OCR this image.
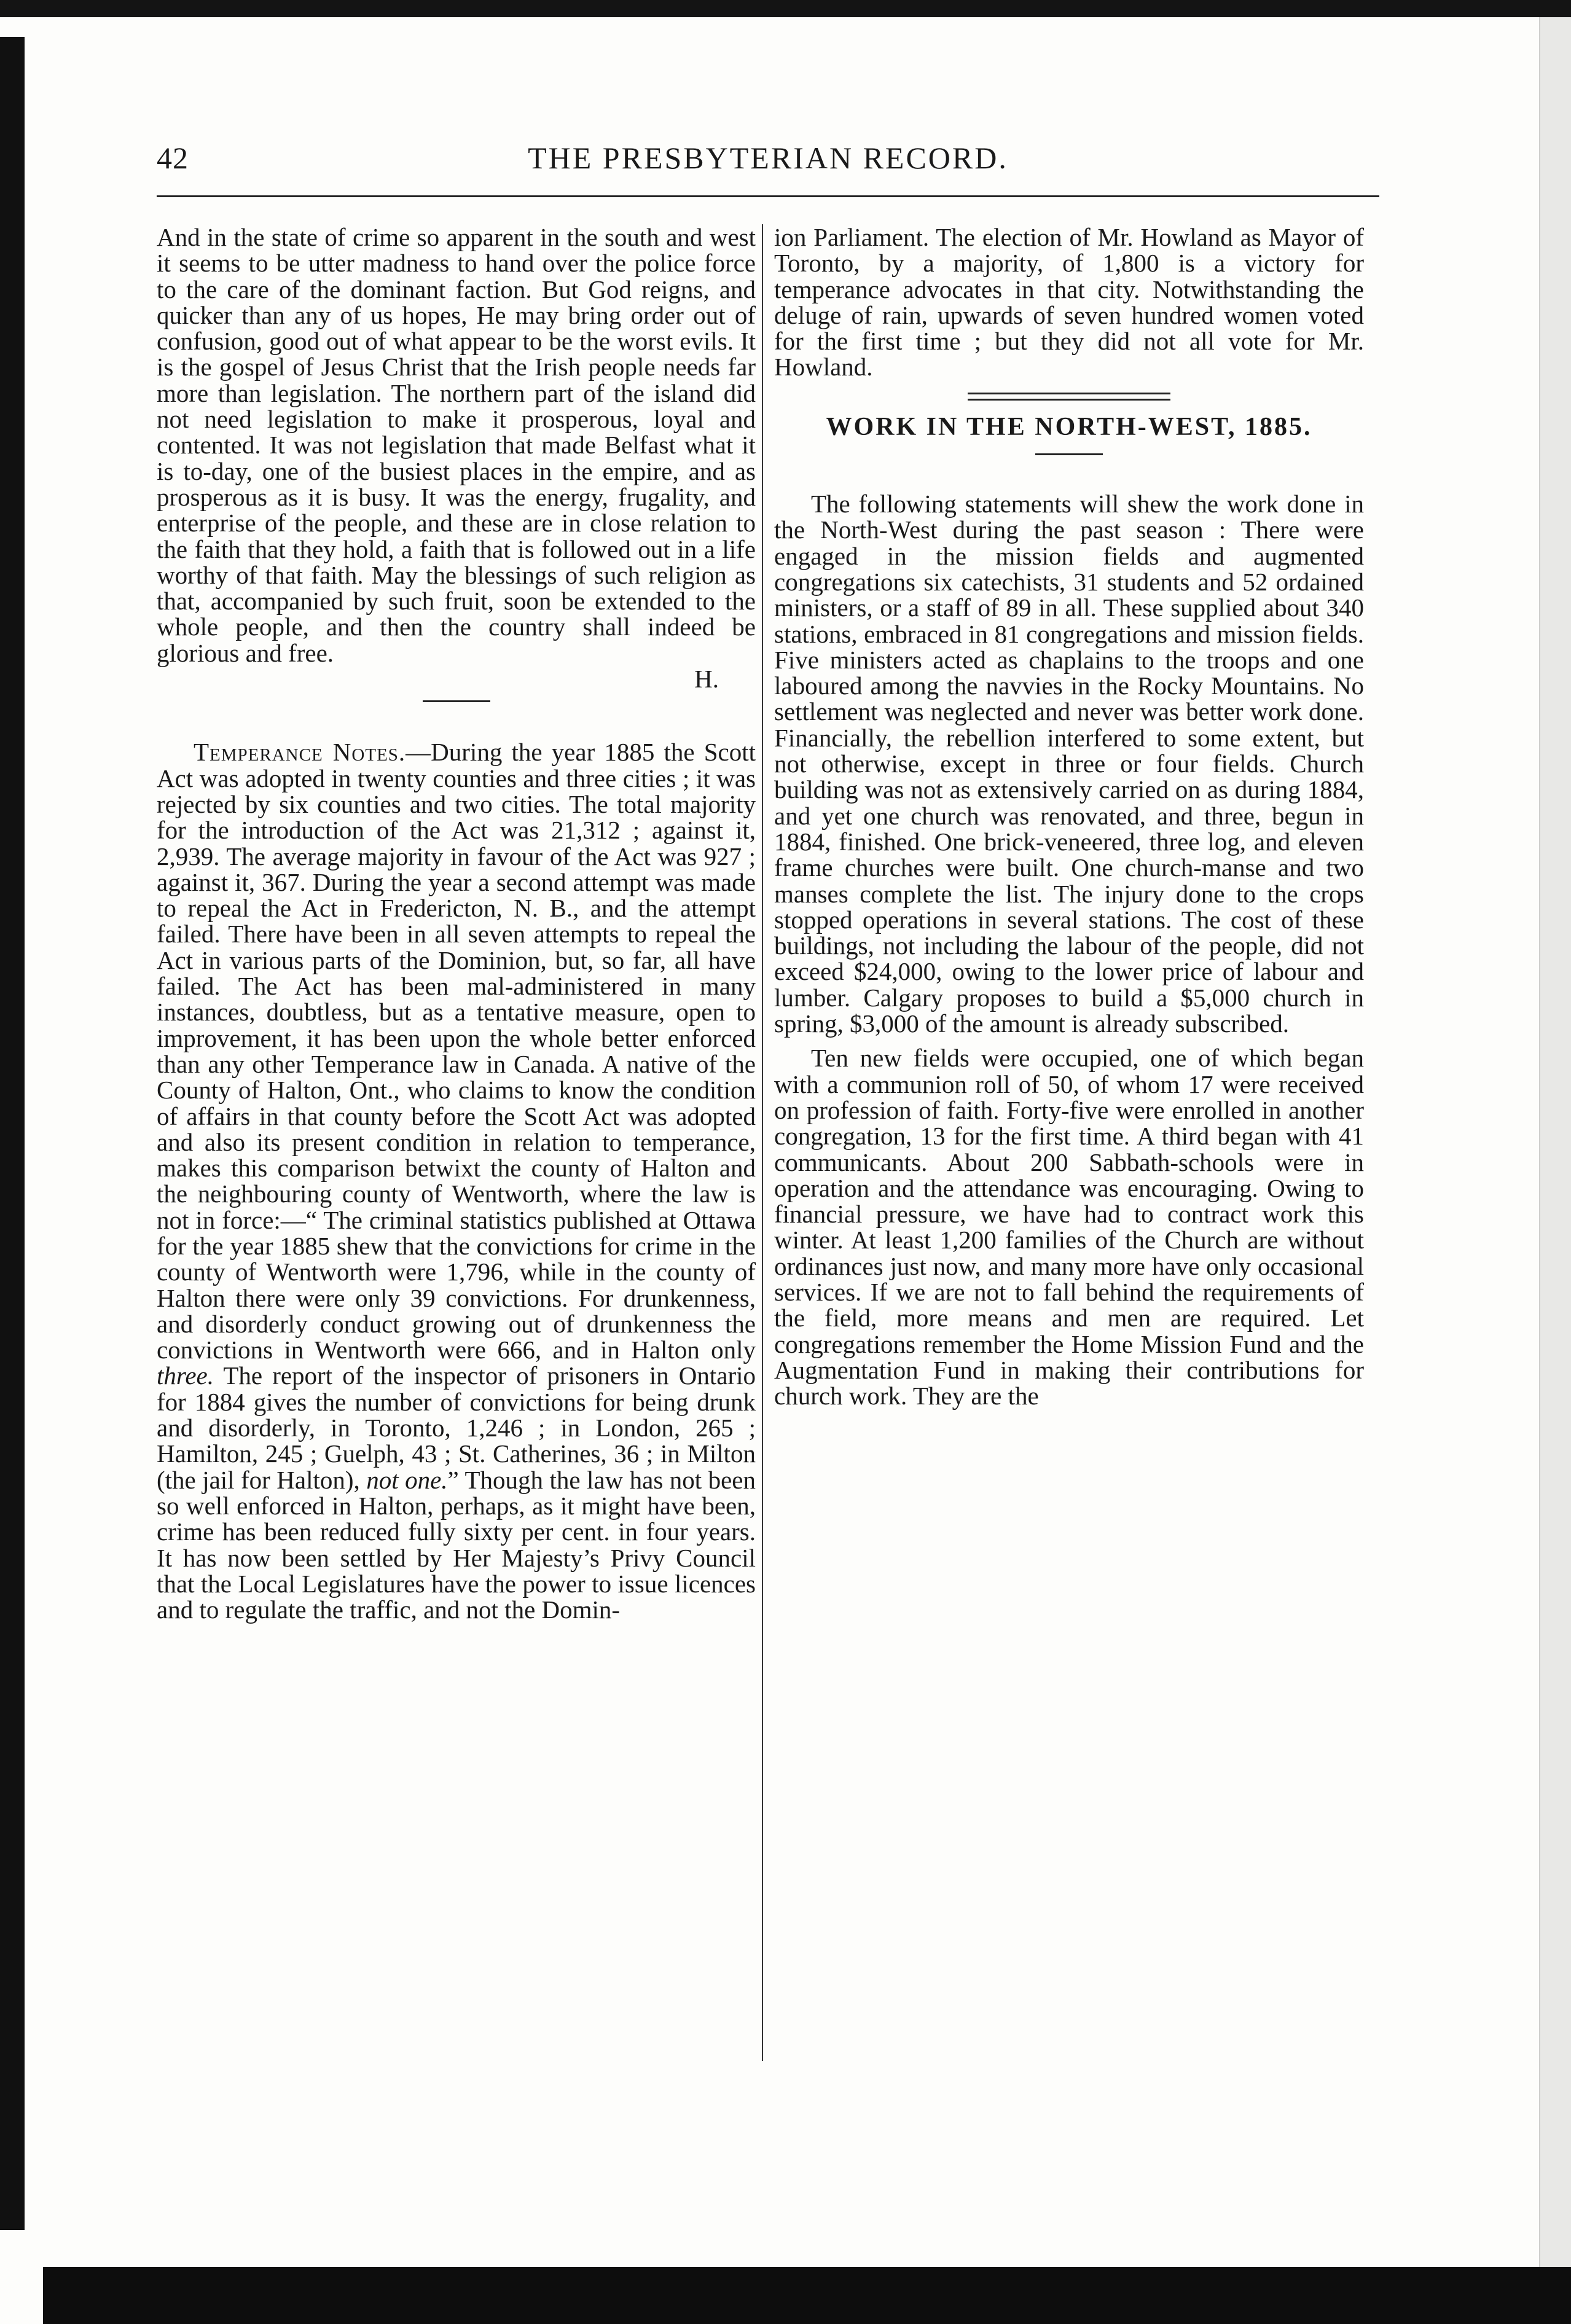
42	THE PRESBYTERIAN RECORD.

And in the state of crime so apparent in the south and west it seems to be utter madness to hand over the police force to the care of the dominant faction. But God reigns, and quicker than any of us hopes, He may bring order out of confusion, good out of what appear to be the worst evils. It is the gospel of Jesus Christ that the Irish people needs far more than legislation. The northern part of the island did not need legislation to make it prosperous, loyal and contented. It was not legislation that made Belfast what it is to-day, one of the busiest places in the empire, and as prosperous as it is busy. It was the energy, frugality, and enterprise of the people, and these are in close relation to the faith that they hold, a faith that is followed out in a life worthy of that faith. May the blessings of such religion as that, accompanied by such fruit, soon be extended to the whole people, and then the country shall indeed be glorious and free.

H.

Temperance Notes.—During the year 1885 the Scott Act was adopted in twenty counties and three cities ; it was rejected by six counties and two cities. The total majority for the introduction of the Act was 21,312 ; against it, 2,939. The average majority in favour of the Act was 927 ; against it, 367. During the year a second attempt was made to repeal the Act in Fredericton, N. B., and the attempt failed. There have been in all seven attempts to repeal the Act in various parts of the Dominion, but, so far, all have failed. The Act has been mal-administered in many instances, doubtless, but as a tentative measure, open to improvement, it has been upon the whole better enforced than any other Temperance law in Canada. A native of the County of Halton, Ont., who claims to know the condition of affairs in that county before the Scott Act was adopted and also its present condition in relation to temperance, makes this comparison betwixt the county of Halton and the neighbouring county of Wentworth, where the law is not in force:—“ The criminal statistics published at Ottawa for the year 1885 shew that the convictions for crime in the county of Wentworth were 1,796, while in the county of Halton there were only 39 convictions. For drunkenness, and disorderly conduct growing out of drunkenness the convictions in Wentworth were 666, and in Halton only three. The report of the inspector of prisoners in Ontario for 1884 gives the number of convictions for being drunk and disorderly, in Toronto, 1,246 ; in London, 265 ; Hamilton, 245 ; Guelph, 43 ; St. Catherines, 36 ; in Milton (the jail for Halton), not one.” Though the law has not been so well enforced in Halton, perhaps, as it might have been, crime has been reduced fully sixty per cent. in four years. It has now been settled by Her Majesty’s Privy Council that the Local Legislatures have the power to issue licences and to regulate the traffic, and not the Domin-

ion Parliament. The election of Mr. Howland as Mayor of Toronto, by a majority, of 1,800 is a victory for temperance advocates in that city. Notwithstanding the deluge of rain, upwards of seven hundred women voted for the first time ; but they did not all vote for Mr. Howland.

WORK IN THE NORTH-WEST, 1885.

The following statements will shew the work done in the North-West during the past season : There were engaged in the mission fields and augmented congregations six catechists, 31 students and 52 ordained ministers, or a staff of 89 in all. These supplied about 340 stations, embraced in 81 congregations and mission fields. Five ministers acted as chaplains to the troops and one laboured among the navvies in the Rocky Mountains. No settlement was neglected and never was better work done. Financially, the rebellion interfered to some extent, but not otherwise, except in three or four fields. Church building was not as extensively carried on as during 1884, and yet one church was renovated, and three, begun in 1884, finished. One brick-veneered, three log, and eleven frame churches were built. One church-manse and two manses complete the list. The injury done to the crops stopped operations in several stations. The cost of these buildings, not including the labour of the people, did not exceed $24,000, owing to the lower price of labour and lumber. Calgary proposes to build a $5,000 church in spring, $3,000 of the amount is already subscribed.

Ten new fields were occupied, one of which began with a communion roll of 50, of whom 17 were received on profession of faith. Forty-five were enrolled in another congregation, 13 for the first time. A third began with 41 communicants. About 200 Sabbath-schools were in operation and the attendance was encouraging. Owing to financial pressure, we have had to contract work this winter. At least 1,200 families of the Church are without ordinances just now, and many more have only occasional services. If we are not to fall behind the requirements of the field, more means and men are required. Let congregations remember the Home Mission Fund and the Augmentation Fund in making their contributions for church work. They are the
